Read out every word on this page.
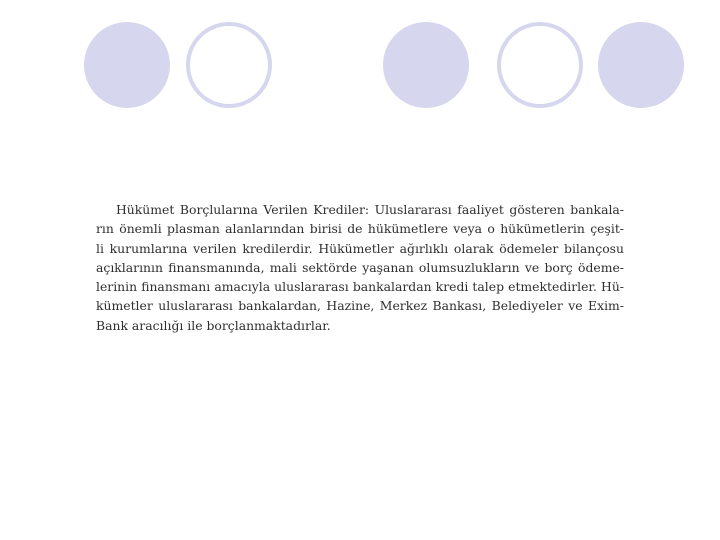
Hükümet Borçlularına Verilen Krediler: Uluslararası faaliyet gösteren bankala-
rın önemli plasman alanlarından birisi de hükümetlere veya o hükümetlerin çeşit-
li kurumlarına verilen kredilerdir. Hükümetler ağırlıklı olarak ödemeler bilançosu
açıklarının finansmanında, mali sektörde yaşanan olumsuzlukların ve borç ödeme-
lerinin finansmanı amacıyla uluslararası bankalardan kredi talep etmektedirler. Hü-
kümetler uluslararası bankalardan, Hazine, Merkez Bankası, Belediyeler ve Exim-
Bank aracılığı ile borçlanmaktadırlar.
